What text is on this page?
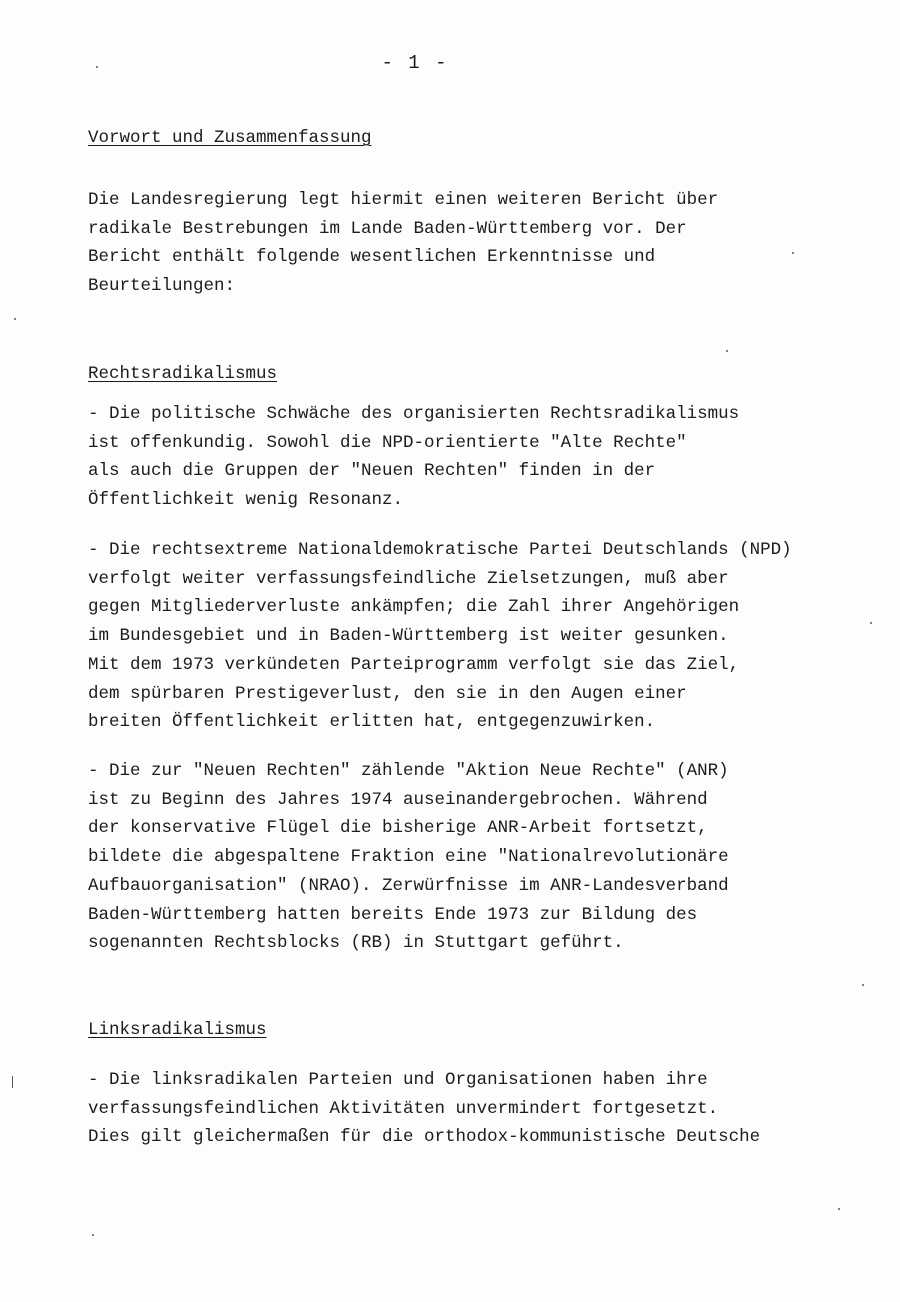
- 1 -
Vorwort und Zusammenfassung

Die Landesregierung legt hiermit einen weiteren Bericht über
radikale Bestrebungen im Lande Baden-Württemberg vor. Der
Bericht enthält folgende wesentlichen Erkenntnisse und
Beurteilungen:

Rechtsradikalismus

- Die politische Schwäche des organisierten Rechtsradikalismus
ist offenkundig. Sowohl die NPD-orientierte "Alte Rechte"
als auch die Gruppen der "Neuen Rechten" finden in der
Öffentlichkeit wenig Resonanz.

- Die rechtsextreme Nationaldemokratische Partei Deutschlands (NPD)
verfolgt weiter verfassungsfeindliche Zielsetzungen, muß aber
gegen Mitgliederverluste ankämpfen; die Zahl ihrer Angehörigen
im Bundesgebiet und in Baden-Württemberg ist weiter gesunken.
Mit dem 1973 verkündeten Parteiprogramm verfolgt sie das Ziel,
dem spürbaren Prestigeverlust, den sie in den Augen einer
breiten Öffentlichkeit erlitten hat, entgegenzuwirken.

- Die zur "Neuen Rechten" zählende "Aktion Neue Rechte" (ANR)
ist zu Beginn des Jahres 1974 auseinandergebrochen. Während
der konservative Flügel die bisherige ANR-Arbeit fortsetzt,
bildete die abgespaltene Fraktion eine "Nationalrevolutionäre
Aufbauorganisation" (NRAO). Zerwürfnisse im ANR-Landesverband
Baden-Württemberg hatten bereits Ende 1973 zur Bildung des
sogenannten Rechtsblocks (RB) in Stuttgart geführt.

Linksradikalismus

- Die linksradikalen Parteien und Organisationen haben ihre
verfassungsfeindlichen Aktivitäten unvermindert fortgesetzt.
Dies gilt gleichermaßen für die orthodox-kommunistische Deutsche
